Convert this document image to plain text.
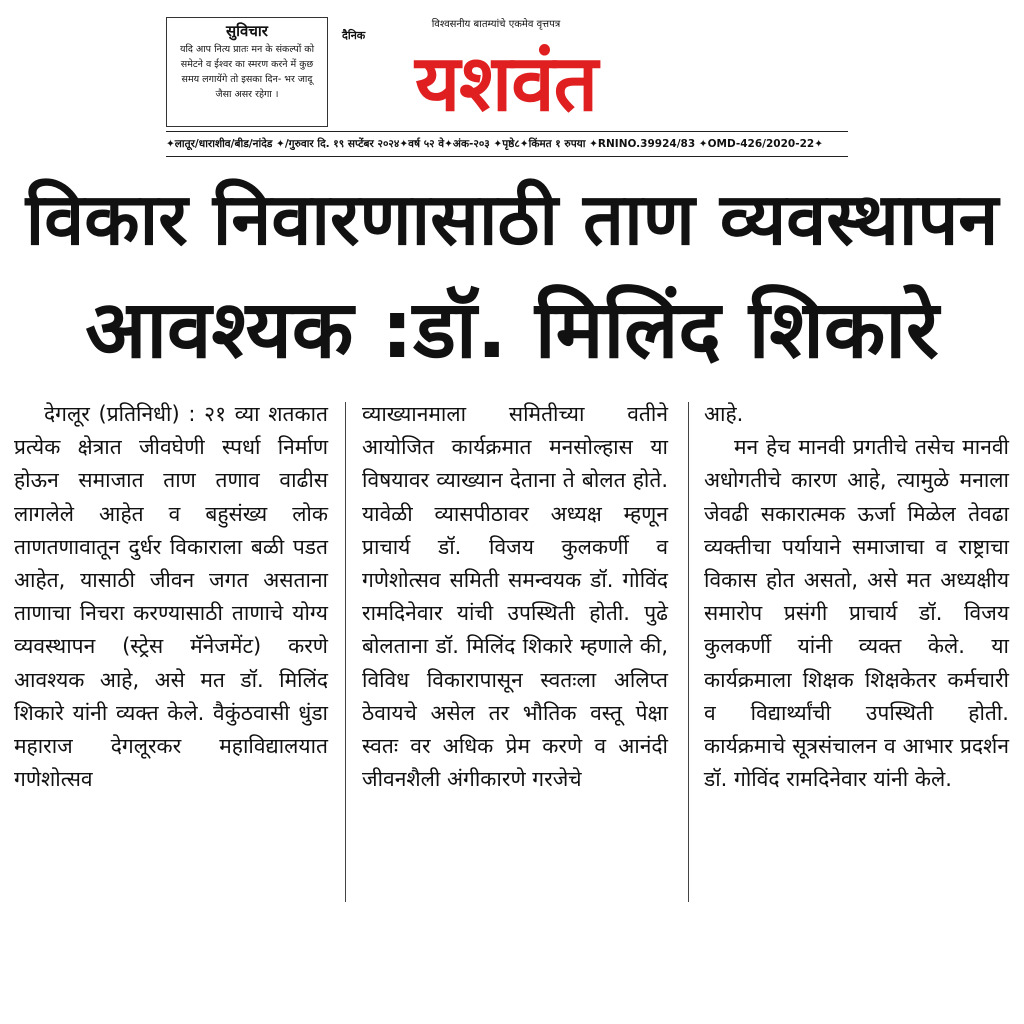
सुविचार
यदि आप नित्य प्रातः मन के संकल्पों को समेटने व ईश्वर का स्मरण करने में कुछ समय लगायेंगे तो इसका दिन- भर जादू जैसा असर रहेगा ।
विश्वसनीय बातम्यांचे एकमेव वृत्तपत्र
दैनिक
यशवंत
✦लातूर/धाराशीव/बीड/नांदेड ✦/गुरुवार दि. १९ सप्टेंबर २०२४✦वर्ष ५२ वे✦अंक-२०३ ✦पृष्ठे८✦किंमत १ रुपया ✦RNINO.39924/83 ✦OMD-426/2020-22✦
विकार निवारणासाठी ताण व्यवस्थापन
आवश्यक :डॉ. मिलिंद शिकारे

देगलूर (प्रतिनिधी) : २१ व्या शतकात प्रत्येक क्षेत्रात जीवघेणी स्पर्धा निर्माण होऊन समाजात ताण तणाव वाढीस लागलेले आहेत व बहुसंख्य लोक ताणतणावातून दुर्धर विकाराला बळी पडत आहेत, यासाठी जीवन जगत असताना ताणाचा निचरा करण्यासाठी ताणाचे योग्य व्यवस्थापन (स्ट्रेस मॅनेजमेंट) करणे आवश्यक आहे, असे मत डॉ. मिलिंद शिकारे यांनी व्यक्त केले. वैकुंठवासी धुंडा महाराज देगलूरकर महाविद्यालयात गणेशोत्सव

व्याख्यानमाला समितीच्या वतीने आयोजित कार्यक्रमात मनसोल्हास या विषयावर व्याख्यान देताना ते बोलत होते. यावेळी व्यासपीठावर अध्यक्ष म्हणून प्राचार्य डॉ. विजय कुलकर्णी व गणेशोत्सव समिती समन्वयक डॉ. गोविंद रामदिनेवार यांची उपस्थिती होती. पुढे बोलताना डॉ. मिलिंद शिकारे म्हणाले की, विविध विकारापासून स्वतःला अलिप्त ठेवायचे असेल तर भौतिक वस्तू पेक्षा स्वतः वर अधिक प्रेम करणे व आनंदी जीवनशैली अंगीकारणे गरजेचे

आहे.

मन हेच मानवी प्रगतीचे तसेच मानवी अधोगतीचे कारण आहे, त्यामुळे मनाला जेवढी सकारात्मक ऊर्जा मिळेल तेवढा व्यक्तीचा पर्यायाने समाजाचा व राष्ट्राचा विकास होत असतो, असे मत अध्यक्षीय समारोप प्रसंगी प्राचार्य डॉ. विजय कुलकर्णी यांनी व्यक्त केले. या कार्यक्रमाला शिक्षक शिक्षकेतर कर्मचारी व विद्यार्थ्यांची उपस्थिती होती. कार्यक्रमाचे सूत्रसंचालन व आभार प्रदर्शन डॉ. गोविंद रामदिनेवार यांनी केले.
